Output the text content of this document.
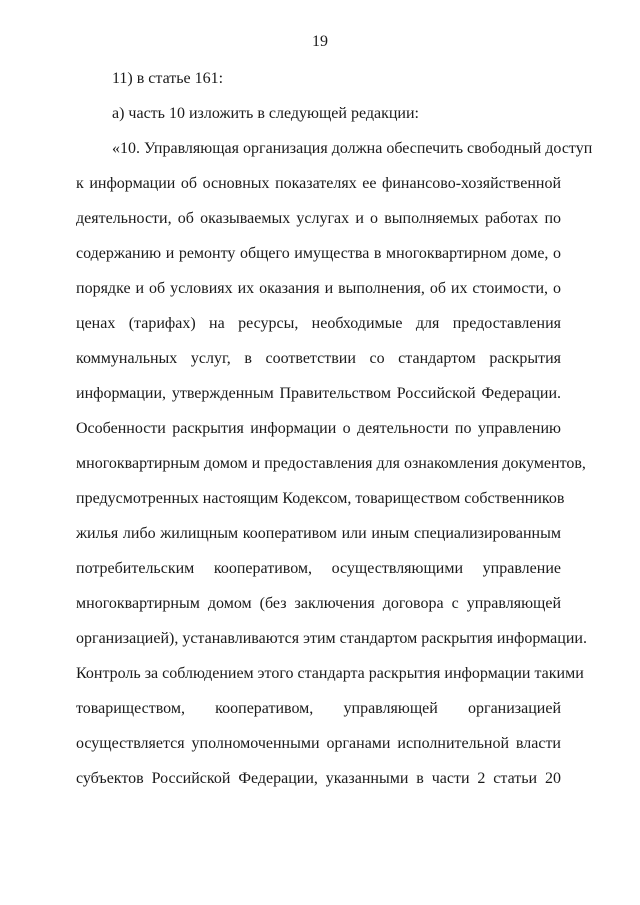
19
11) в статье 161:
а) часть 10 изложить в следующей редакции:
«10. Управляющая организация должна обеспечить свободный доступ
к информации об основных показателях ее финансово-хозяйственной
деятельности, об оказываемых услугах и о выполняемых работах по
содержанию и ремонту общего имущества в многоквартирном доме, о
порядке и об условиях их оказания и выполнения, об их стоимости, о
ценах (тарифах) на ресурсы, необходимые для предоставления
коммунальных услуг, в соответствии со стандартом раскрытия
информации, утвержденным Правительством Российской Федерации.
Особенности раскрытия информации о деятельности по управлению
многоквартирным домом и предоставления для ознакомления документов,
предусмотренных настоящим Кодексом, товариществом собственников
жилья либо жилищным кооперативом или иным специализированным
потребительским кооперативом, осуществляющими управление
многоквартирным домом (без заключения договора с управляющей
организацией), устанавливаются этим стандартом раскрытия информации.
Контроль за соблюдением этого стандарта раскрытия информации такими
товариществом, кооперативом, управляющей организацией
осуществляется уполномоченными органами исполнительной власти
субъектов Российской Федерации, указанными в части 2 статьи 20
